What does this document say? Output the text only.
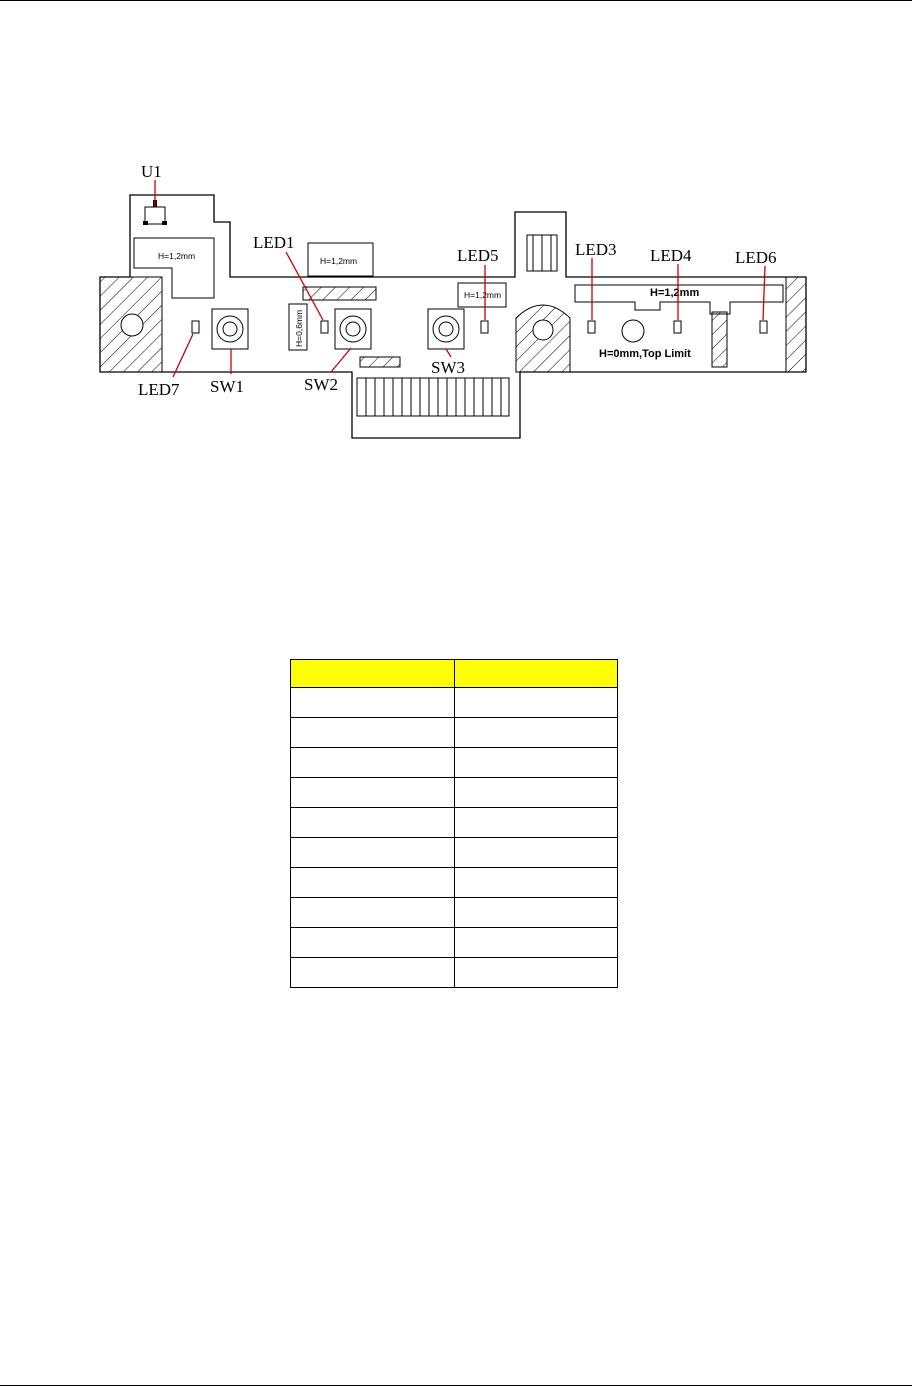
H=1,2mm	H=1,2mm
H=0,6mm
H=1,2mm	H=1,2mm
H=0mm,Top Limit
U1
LED1
LED5	LED3 LED4	LED6
LED7 SW1	SW2
SW3
